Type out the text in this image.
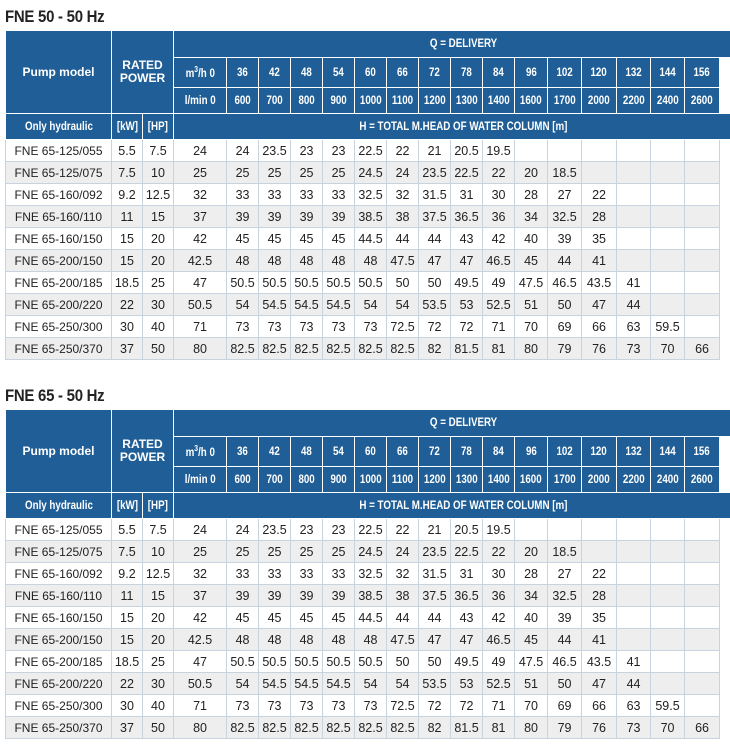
FNE 50 - 50 Hz
Pump model	RATED POWER		Q = DELIVERY															
			$m^3/h$ 0	36	42	48	54	60	66	72	78	84	96	102	120	132	144	156
			l/min 0	600	700	800	900	1000	1100	1200	1300	1400	1600	1700	2000	2200	2400	2600
Only hydraulic	[kW]	[HP]	H = TOTAL M.HEAD OF WATER COLUMN [m]															
FNE 65-125/055	5.5	7.5	24	24	23.5	23	23	22.5	22	21	20.5	19.5						
FNE 65-125/075	7.5	10	25	25	25	25	25	24.5	24	23.5	22.5	22	20	18.5				
FNE 65-160/092	9.2	12.5	32	33	33	33	33	32.5	32	31.5	31	30	28	27	22			
FNE 65-160/110	11	15	37	39	39	39	39	38.5	38	37.5	36.5	36	34	32.5	28			
FNE 65-160/150	15	20	42	45	45	45	45	44.5	44	44	43	42	40	39	35			
FNE 65-200/150	15	20	42.5	48	48	48	48	48	47.5	47	47	46.5	45	44	41			
FNE 65-200/185	18.5	25	47	50.5	50.5	50.5	50.5	50.5	50	50	49.5	49	47.5	46.5	43.5	41		
FNE 65-200/220	22	30	50.5	54	54.5	54.5	54.5	54	54	53.5	53	52.5	51	50	47	44		
FNE 65-250/300	30	40	71	73	73	73	73	73	72.5	72	72	71	70	69	66	63	59.5	
FNE 65-250/370	37	50	80	82.5	82.5	82.5	82.5	82.5	82.5	82	81.5	81	80	79	76	73	70	66
FNE 65 - 50 Hz
Pump model	RATED POWER		Q = DELIVERY															
			$m^3/h$ 0	36	42	48	54	60	66	72	78	84	96	102	120	132	144	156
			l/min 0	600	700	800	900	1000	1100	1200	1300	1400	1600	1700	2000	2200	2400	2600
Only hydraulic	[kW]	[HP]	H = TOTAL M.HEAD OF WATER COLUMN [m]															
FNE 65-125/055	5.5	7.5	24	24	23.5	23	23	22.5	22	21	20.5	19.5						
FNE 65-125/075	7.5	10	25	25	25	25	25	24.5	24	23.5	22.5	22	20	18.5				
FNE 65-160/092	9.2	12.5	32	33	33	33	33	32.5	32	31.5	31	30	28	27	22			
FNE 65-160/110	11	15	37	39	39	39	39	38.5	38	37.5	36.5	36	34	32.5	28			
FNE 65-160/150	15	20	42	45	45	45	45	44.5	44	44	43	42	40	39	35			
FNE 65-200/150	15	20	42.5	48	48	48	48	48	47.5	47	47	46.5	45	44	41			
FNE 65-200/185	18.5	25	47	50.5	50.5	50.5	50.5	50.5	50	50	49.5	49	47.5	46.5	43.5	41		
FNE 65-200/220	22	30	50.5	54	54.5	54.5	54.5	54	54	53.5	53	52.5	51	50	47	44		
FNE 65-250/300	30	40	71	73	73	73	73	73	72.5	72	72	71	70	69	66	63	59.5	
FNE 65-250/370	37	50	80	82.5	82.5	82.5	82.5	82.5	82.5	82	81.5	81	80	79	76	73	70	66
